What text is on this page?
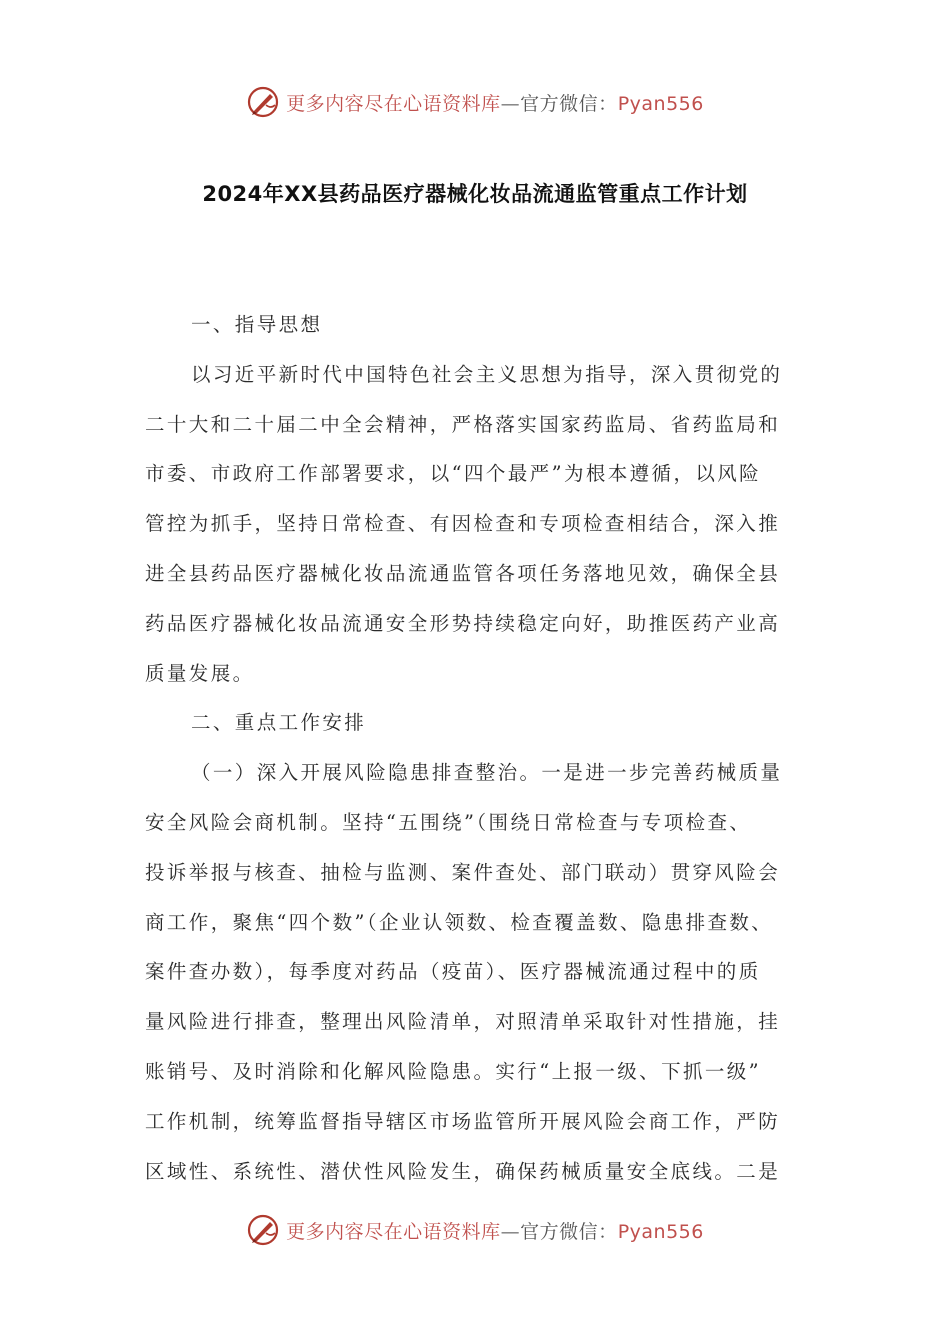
更多内容尽在心语资料库—官方微信：Pyan556
2024年XX县药品医疗器械化妆品流通监管重点工作计划
一、指导思想
以习近平新时代中国特色社会主义思想为指导，深入贯彻党的
二十大和二十届二中全会精神，严格落实国家药监局、省药监局和
市委、市政府工作部署要求，以“四个最严”为根本遵循，以风险
管控为抓手，坚持日常检查、有因检查和专项检查相结合，深入推
进全县药品医疗器械化妆品流通监管各项任务落地见效，确保全县
药品医疗器械化妆品流通安全形势持续稳定向好，助推医药产业高
质量发展。
二、重点工作安排
（一）深入开展风险隐患排查整治。一是进一步完善药械质量
安全风险会商机制。坚持“五围绕”（围绕日常检查与专项检查、
投诉举报与核查、抽检与监测、案件查处、部门联动）贯穿风险会
商工作，聚焦“四个数”（企业认领数、检查覆盖数、隐患排查数、
案件查办数），每季度对药品（疫苗）、医疗器械流通过程中的质
量风险进行排查，整理出风险清单，对照清单采取针对性措施，挂
账销号、及时消除和化解风险隐患。实行“上报一级、下抓一级”
工作机制，统筹监督指导辖区市场监管所开展风险会商工作，严防
区域性、系统性、潜伏性风险发生，确保药械质量安全底线。二是
更多内容尽在心语资料库—官方微信：Pyan556
